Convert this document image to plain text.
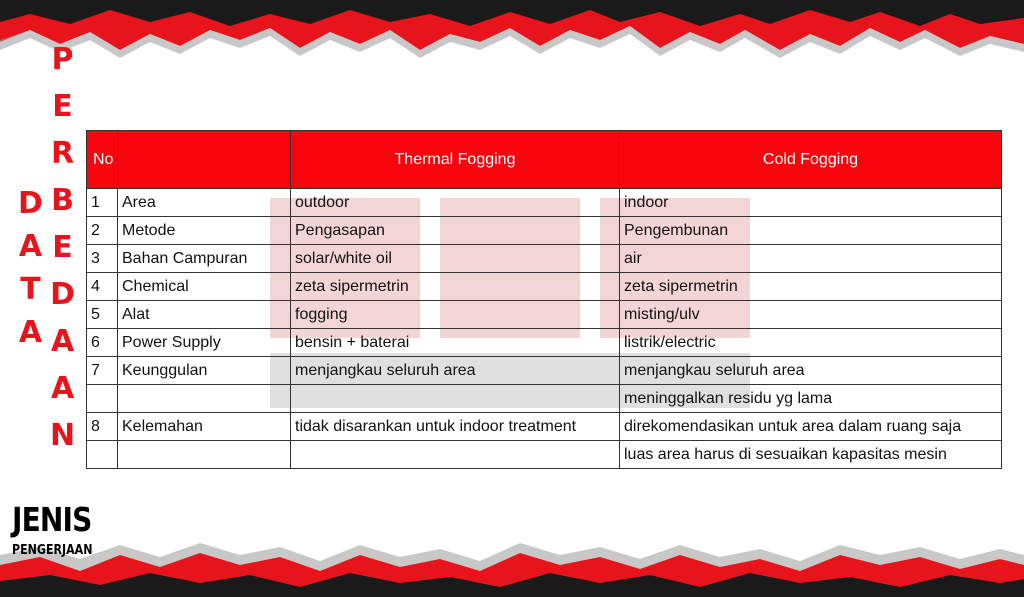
D
A
T
A
P
E
R
B
E
D
A
A
N
JENIS
PENGERJAAN
No		Thermal Fogging	Cold Fogging
1	Area	outdoor	indoor
2	Metode	Pengasapan	Pengembunan
3	Bahan Campuran	solar/white oil	air
4	Chemical	zeta sipermetrin	zeta sipermetrin
5	Alat	fogging	misting/ulv
6	Power Supply	bensin + baterai	listrik/electric
7	Keunggulan	menjangkau seluruh area	menjangkau seluruh area
			meninggalkan residu yg lama
8	Kelemahan	tidak disarankan untuk indoor treatment	direkomendasikan untuk area dalam ruang saja
			luas area harus di sesuaikan kapasitas mesin
